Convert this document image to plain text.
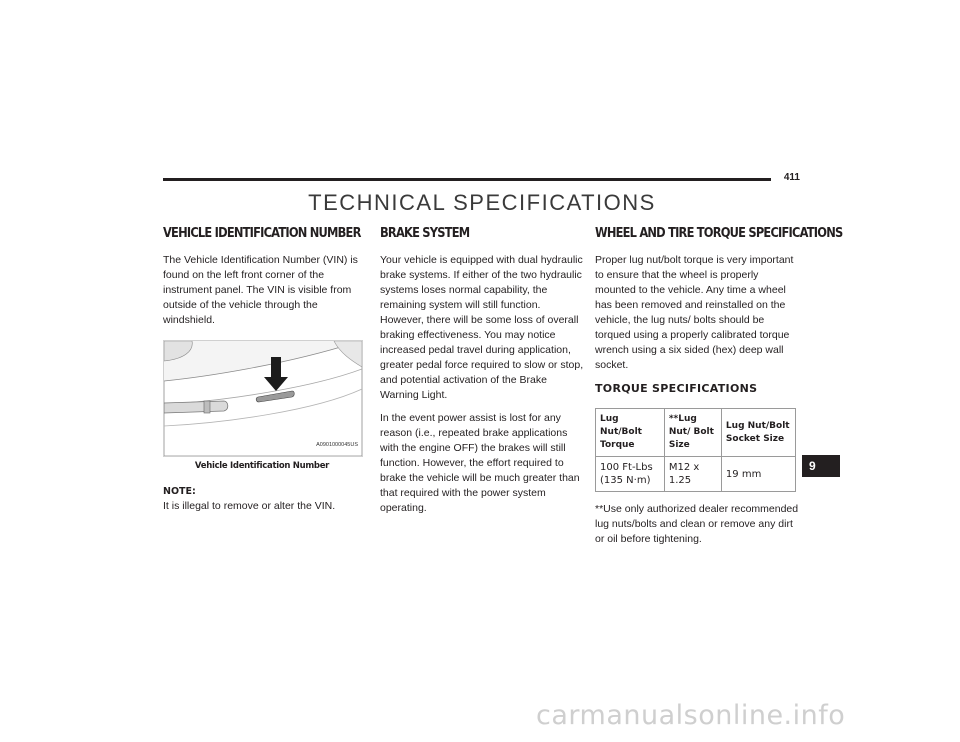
411
TECHNICAL SPECIFICATIONS
VEHICLE IDENTIFICATION NUMBER

The Vehicle Identification Number (VIN) is found on the left front corner of the instrument panel. The VIN is visible from outside of the vehicle through the windshield.

A0901000045US
Vehicle Identification Number
NOTE:
It is illegal to remove or alter the VIN.
BRAKE SYSTEM

Your vehicle is equipped with dual hydraulic brake systems. If either of the two hydraulic systems loses normal capability, the remaining system will still function. However, there will be some loss of overall braking effectiveness. You may notice increased pedal travel during application, greater pedal force required to slow or stop, and potential activation of the Brake Warning Light.

In the event power assist is lost for any reason (i.e., repeated brake applications with the engine OFF) the brakes will still function. However, the effort required to brake the vehicle will be much greater than that required with the power system operating.

WHEEL AND TIRE TORQUE SPECIFICATIONS

Proper lug nut/bolt torque is very important to ensure that the wheel is properly mounted to the vehicle. Any time a wheel has been removed and reinstalled on the vehicle, the lug nuts/ bolts should be torqued using a properly calibrated torque wrench using a six sided (hex) deep wall socket.

TORQUE SPECIFICATIONS
Lug Nut/Bolt Torque	**Lug Nut/ Bolt Size	Lug Nut/Bolt Socket Size
100 Ft-Lbs (135 N·m)	M12 x 1.25	19 mm

**Use only authorized dealer recommended lug nuts/bolts and clean or remove any dirt or oil before tightening.

9
carmanualsonline.info
